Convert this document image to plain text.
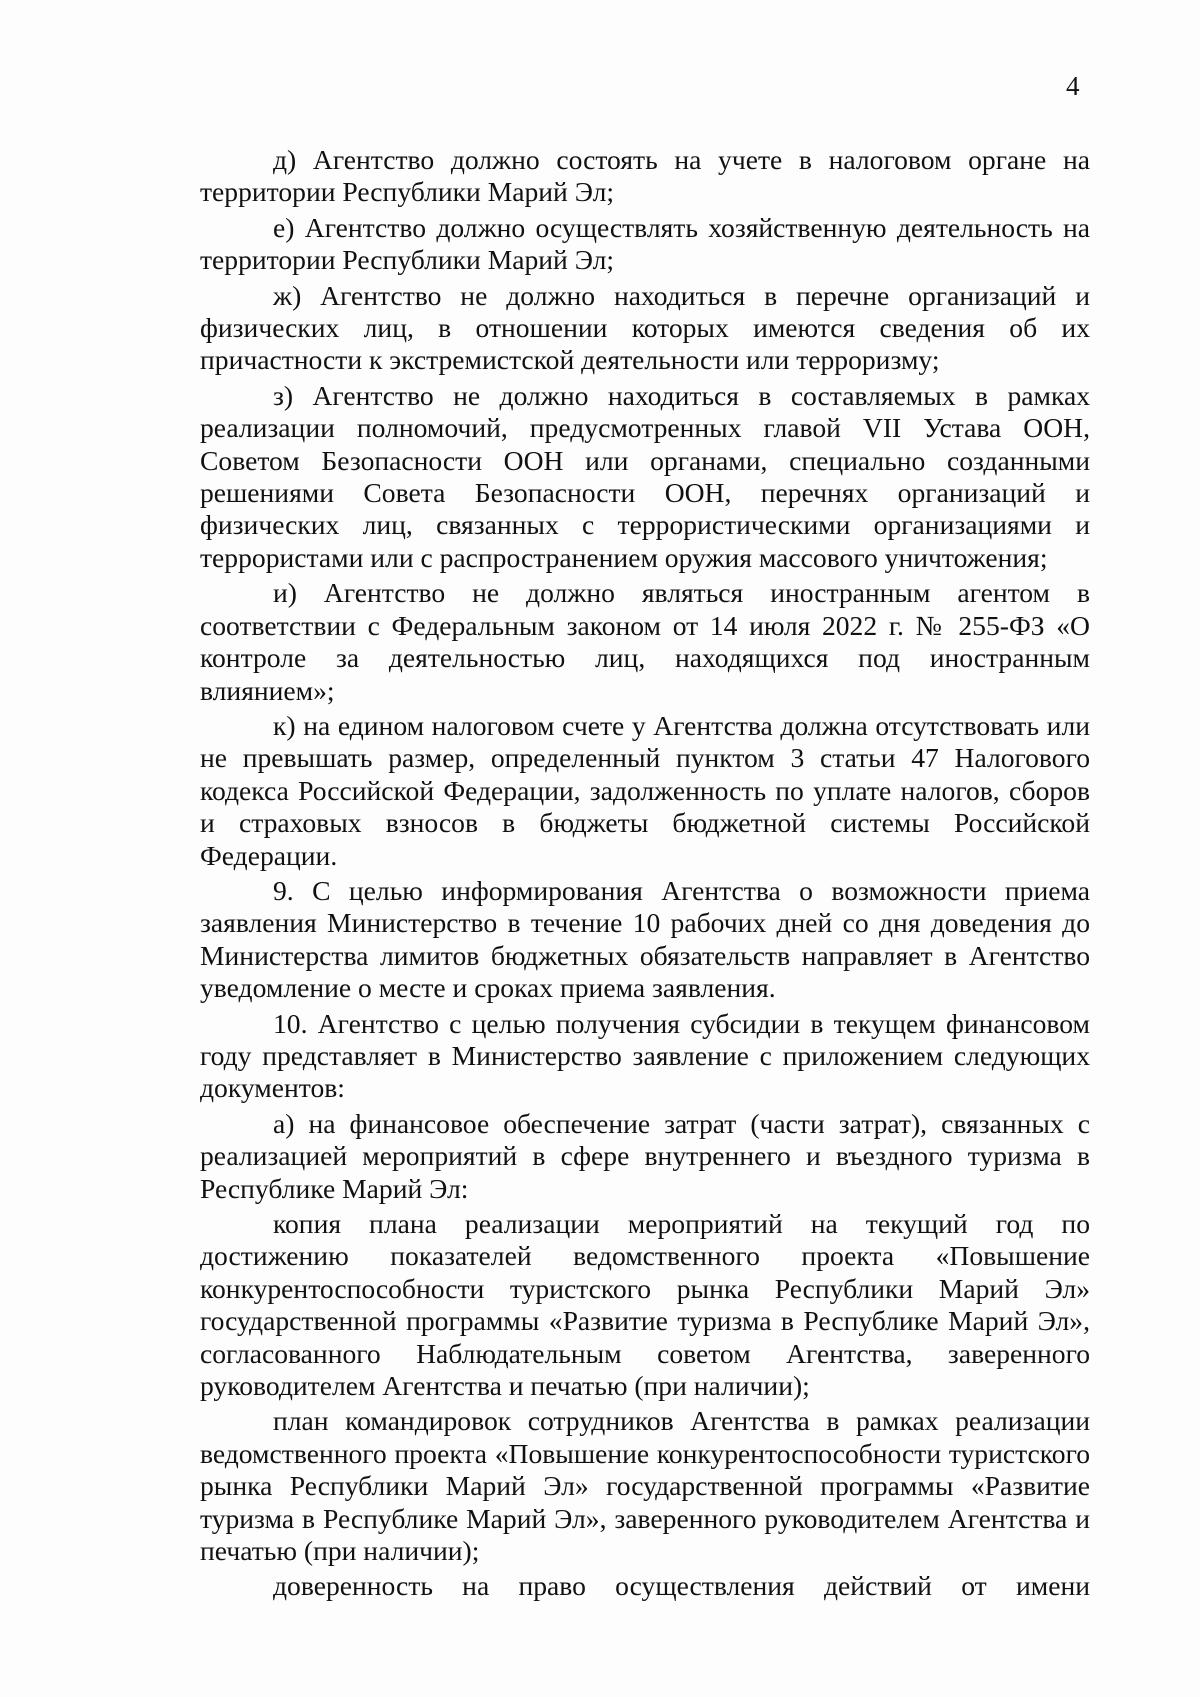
4

д) Агентство должно состоять на учете в налоговом органе на территории Республики Марий Эл;

е) Агентство должно осуществлять хозяйственную деятельность на территории Республики Марий Эл;

ж) Агентство не должно находиться в перечне организаций и физических лиц, в отношении которых имеются сведения об их причастности к экстремистской деятельности или терроризму;

з) Агентство не должно находиться в составляемых в рамках реализации полномочий, предусмотренных главой VII Устава ООН, Советом Безопасности ООН или органами, специально созданными решениями Совета Безопасности ООН, перечнях организаций и физических лиц, связанных с террористическими организациями и террористами или с распространением оружия массового уничтожения;

и) Агентство не должно являться иностранным агентом в соответствии с Федеральным законом от 14 июля 2022 г. № 255-ФЗ «О контроле за деятельностью лиц, находящихся под иностранным влиянием»;

к) на едином налоговом счете у Агентства должна отсутствовать или не превышать размер, определенный пунктом 3 статьи 47 Налогового кодекса Российской Федерации, задолженность по уплате налогов, сборов и страховых взносов в бюджеты бюджетной системы Российской Федерации.

9. С целью информирования Агентства о возможности приема заявления Министерство в течение 10 рабочих дней со дня доведения до Министерства лимитов бюджетных обязательств направляет в Агентство уведомление о месте и сроках приема заявления.

10. Агентство с целью получения субсидии в текущем финансовом году представляет в Министерство заявление с приложением следующих документов:

а) на финансовое обеспечение затрат (части затрат), связанных с реализацией мероприятий в сфере внутреннего и въездного туризма в Республике Марий Эл:

копия плана реализации мероприятий на текущий год по достижению показателей ведомственного проекта «Повышение конкурентоспособности туристского рынка Республики Марий Эл» государственной программы «Развитие туризма в Республике Марий Эл», согласованного Наблюдательным советом Агентства, заверенного руководителем Агентства и печатью (при наличии);

план командировок сотрудников Агентства в рамках реализации ведомственного проекта «Повышение конкурентоспособности туристского рынка Республики Марий Эл» государственной программы «Развитие туризма в Республике Марий Эл», заверенного руководителем Агентства и печатью (при наличии);

доверенность на право осуществления действий от имени
